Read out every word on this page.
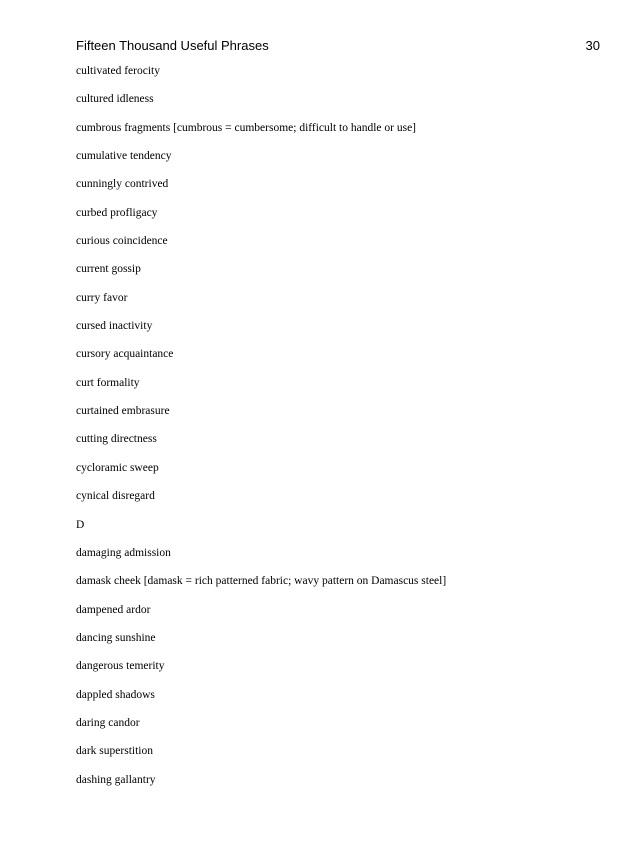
Fifteen Thousand Useful Phrases	30
cultivated ferocity
cultured idleness
cumbrous fragments [cumbrous = cumbersome; difficult to handle or use]
cumulative tendency
cunningly contrived
curbed profligacy
curious coincidence
current gossip
curry favor
cursed inactivity
cursory acquaintance
curt formality
curtained embrasure
cutting directness
cycloramic sweep
cynical disregard
D
damaging admission
damask cheek [damask = rich patterned fabric; wavy pattern on Damascus steel]
dampened ardor
dancing sunshine
dangerous temerity
dappled shadows
daring candor
dark superstition
dashing gallantry
